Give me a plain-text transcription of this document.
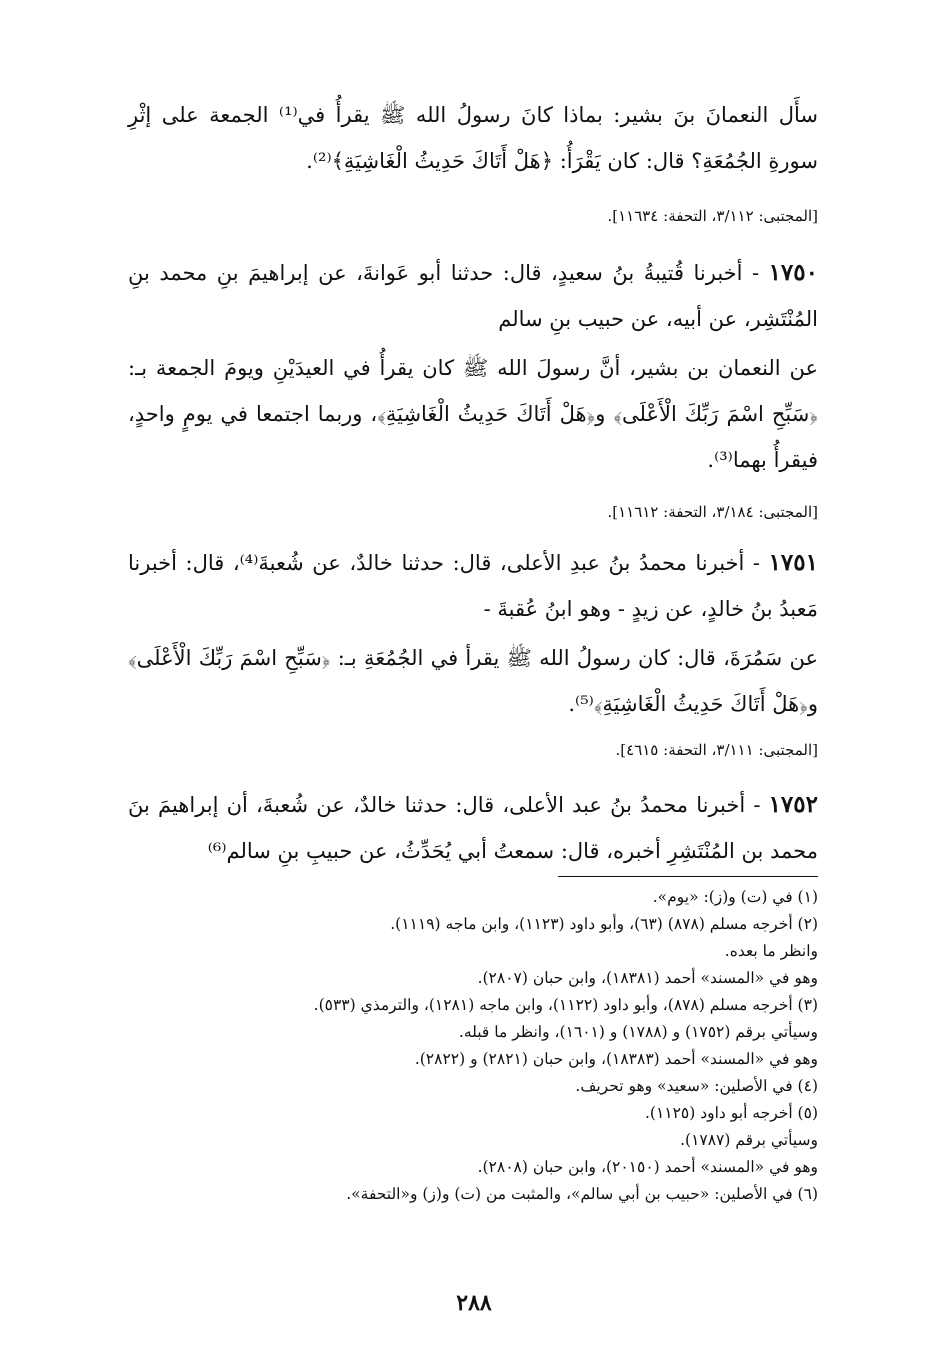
سأَل النعمانَ بنَ بشير: بماذا كانَ رسولُ الله ﷺ يقرأُ في⁽¹⁾ الجمعة على إثْرِ سورةِ الجُمُعَةِ؟ قال: كان يَقْرَأُ: ﴿هَلْ أَتَاكَ حَدِيثُ الْغَاشِيَةِ﴾⁽²⁾.
[المجتبى: ٣/١١٢، التحفة: ١١٦٣٤].
١٧٥٠ - أخبرنا قُتيبةُ بنُ سعيدٍ، قال: حدثنا أبو عَوانةَ، عن إبراهيمَ بنِ محمد بنِ المُنْتَشِر، عن أبيه، عن حبيب بنِ سالم
عن النعمان بن بشير، أنَّ رسولَ الله ﷺ كان يقرأُ في العيدَيْنِ ويومَ الجمعة بـ: ﴿سَبِّحِ اسْمَ رَبِّكَ الْأَعْلَى﴾ و﴿هَلْ أَتَاكَ حَدِيثُ الْغَاشِيَةِ﴾، وربما اجتمعا في يومٍ واحدٍ، فيقرأُ بهما⁽³⁾.
[المجتبى: ٣/١٨٤، التحفة: ١١٦١٢].
١٧٥١ - أخبرنا محمدُ بنُ عبدِ الأعلى، قال: حدثنا خالدٌ، عن شُعبةَ⁽⁴⁾، قال: أخبرنا مَعبدُ بنُ خالدٍ، عن زيدٍ - وهو ابنُ عُقبةَ -
عن سَمُرَةَ، قال: كان رسولُ الله ﷺ يقرأ في الجُمُعَةِ بـ: ﴿سَبِّحِ اسْمَ رَبِّكَ الْأَعْلَى﴾ و﴿هَلْ أَتَاكَ حَدِيثُ الْغَاشِيَةِ﴾⁽⁵⁾.
[المجتبى: ٣/١١١، التحفة: ٤٦١٥].
١٧٥٢ - أخبرنا محمدُ بنُ عبد الأعلى، قال: حدثنا خالدٌ، عن شُعبةَ، أن إبراهيمَ بنَ محمد بن المُنْتَشِرِ أخبره، قال: سمعتُ أبي يُحَدِّثُ، عن حبيبِ بنِ سالم⁽⁶⁾
(١) في (ت) و(ز): «يوم».
(٢) أخرجه مسلم (٨٧٨) (٦٣)، وأبو داود (١١٢٣)، وابن ماجه (١١١٩).
وانظر ما بعده.
وهو في «المسند» أحمد (١٨٣٨١)، وابن حبان (٢٨٠٧).
(٣) أخرجه مسلم (٨٧٨)، وأبو داود (١١٢٢)، وابن ماجه (١٢٨١)، والترمذي (٥٣٣).
وسيأتي برقم (١٧٥٢) و (١٧٨٨) و (١٦٠١)، وانظر ما قبله.
وهو في «المسند» أحمد (١٨٣٨٣)، وابن حبان (٢٨٢١) و (٢٨٢٢).
(٤) في الأصلين: «سعيد» وهو تحريف.
(٥) أخرجه أبو داود (١١٢٥).
وسيأتي برقم (١٧٨٧).
وهو في «المسند» أحمد (٢٠١٥٠)، وابن حبان (٢٨٠٨).
(٦) في الأصلين: «حبيب بن أبي سالم»، والمثبت من (ت) و(ز) و«التحفة».
٢٨٨
